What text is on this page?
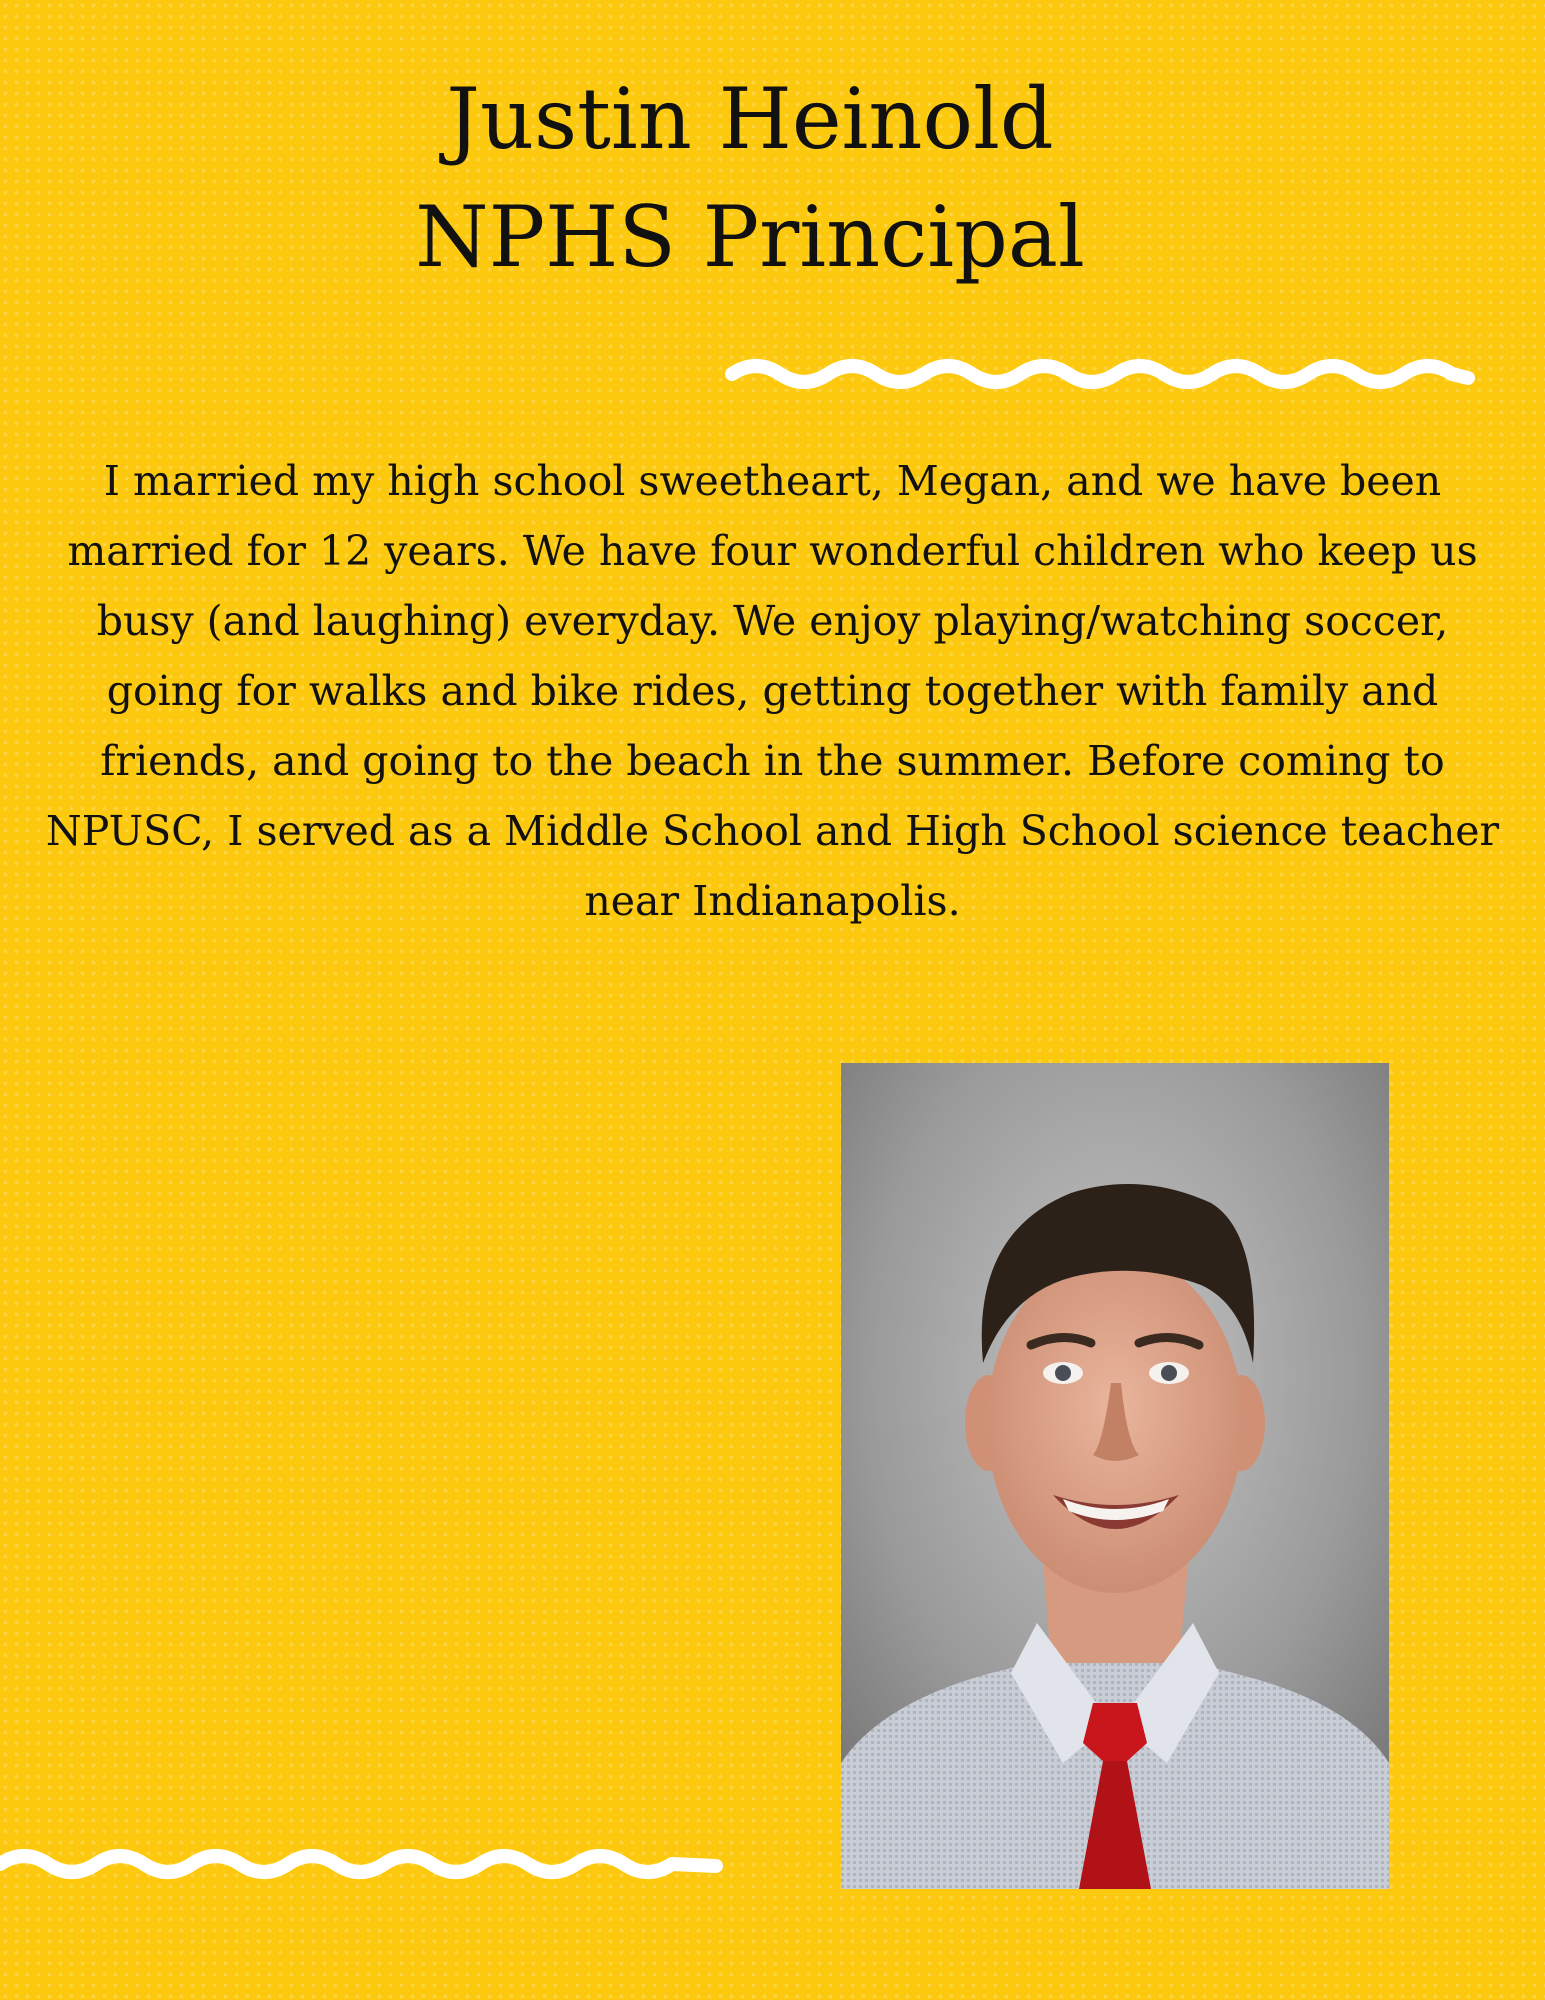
Justin Heinold
NPHS Principal

I married my high school sweetheart, Megan, and we have been married for 12 years. We have four wonderful children who keep us busy (and laughing) everyday. We enjoy playing/watching soccer, going for walks and bike rides, getting together with family and friends, and going to the beach in the summer. Before coming to NPUSC, I served as a Middle School and High School science teacher near Indianapolis.
